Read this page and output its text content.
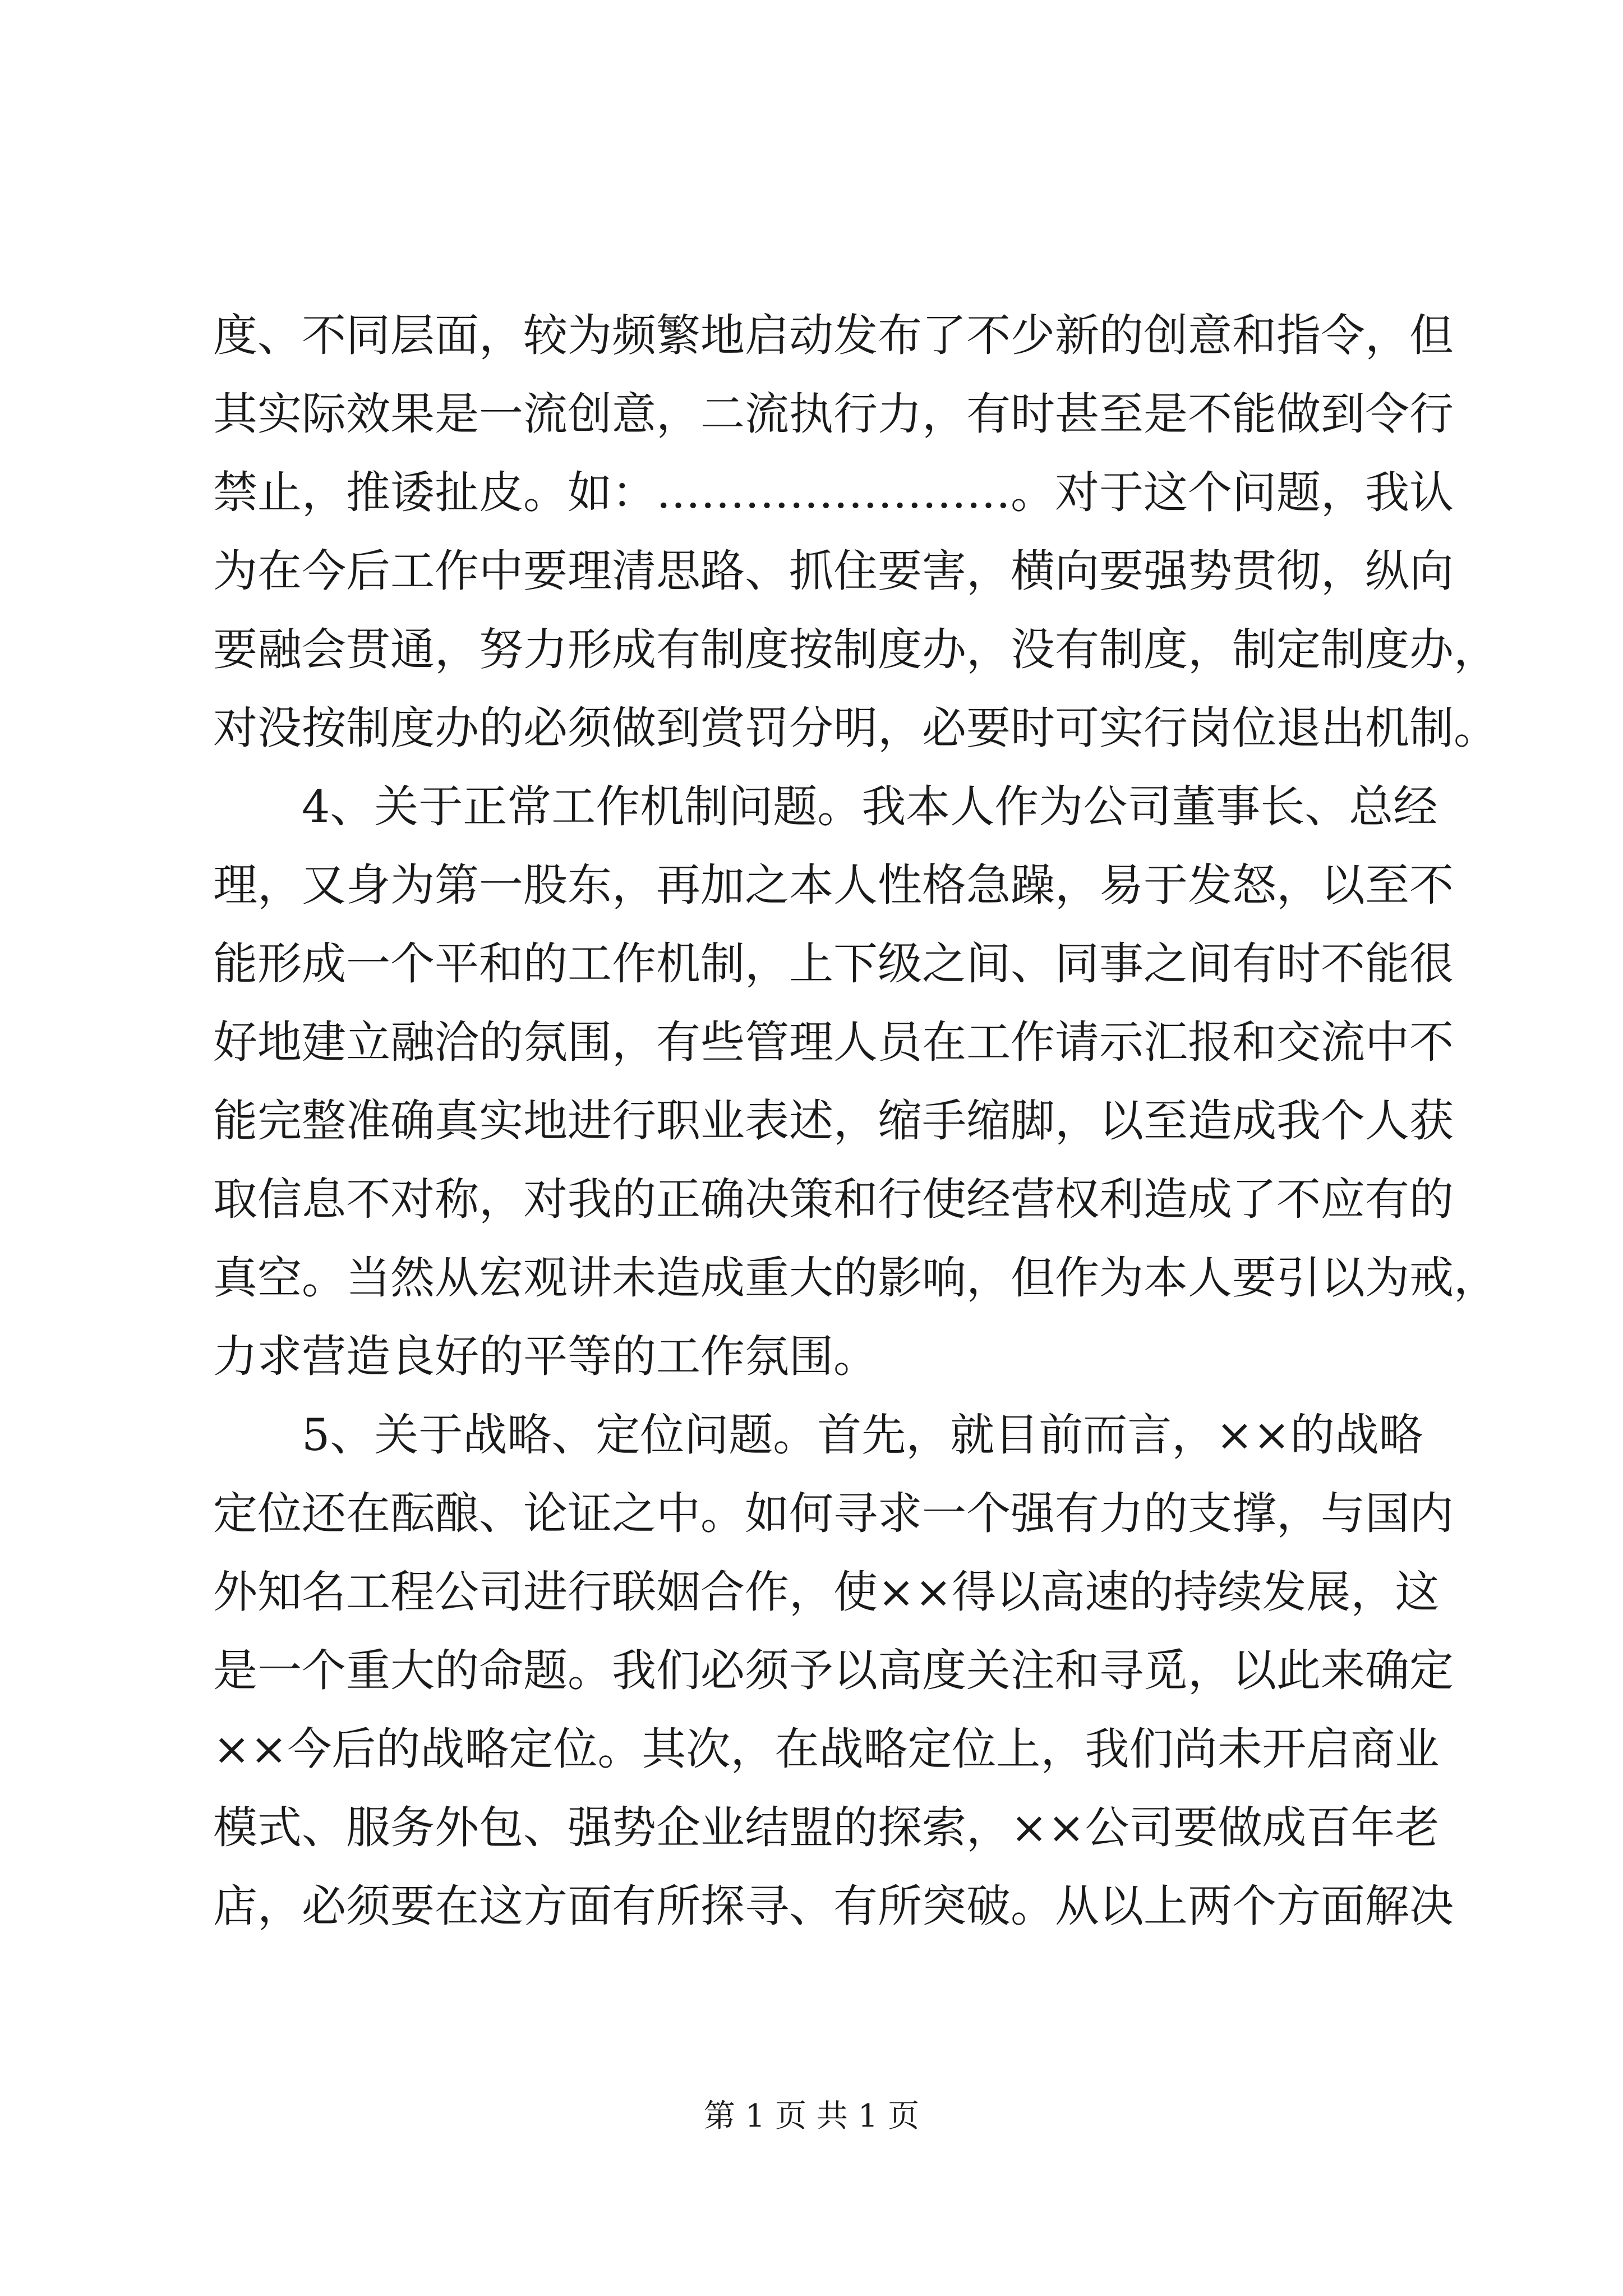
度、不同层面，较为频繁地启动发布了不少新的创意和指令，但
其实际效果是一流创意，二流执行力，有时甚至是不能做到令行
禁止，推诿扯皮。如：……………………。对于这个问题，我认
为在今后工作中要理清思路、抓住要害，横向要强势贯彻，纵向
要融会贯通，努力形成有制度按制度办，没有制度，制定制度办，
对没按制度办的必须做到赏罚分明，必要时可实行岗位退出机制。
4、关于正常工作机制问题。我本人作为公司董事长、总经
理，又身为第一股东，再加之本人性格急躁，易于发怒，以至不
能形成一个平和的工作机制，上下级之间、同事之间有时不能很
好地建立融洽的氛围，有些管理人员在工作请示汇报和交流中不
能完整准确真实地进行职业表述，缩手缩脚，以至造成我个人获
取信息不对称，对我的正确决策和行使经营权利造成了不应有的
真空。当然从宏观讲未造成重大的影响，但作为本人要引以为戒，
力求营造良好的平等的工作氛围。
5、关于战略、定位问题。首先，就目前而言，××的战略
定位还在酝酿、论证之中。如何寻求一个强有力的支撑，与国内
外知名工程公司进行联姻合作，使××得以高速的持续发展，这
是一个重大的命题。我们必须予以高度关注和寻觅，以此来确定
××今后的战略定位。其次，在战略定位上，我们尚未开启商业
模式、服务外包、强势企业结盟的探索，××公司要做成百年老
店，必须要在这方面有所探寻、有所突破。从以上两个方面解决
第 1 页 共 1 页
